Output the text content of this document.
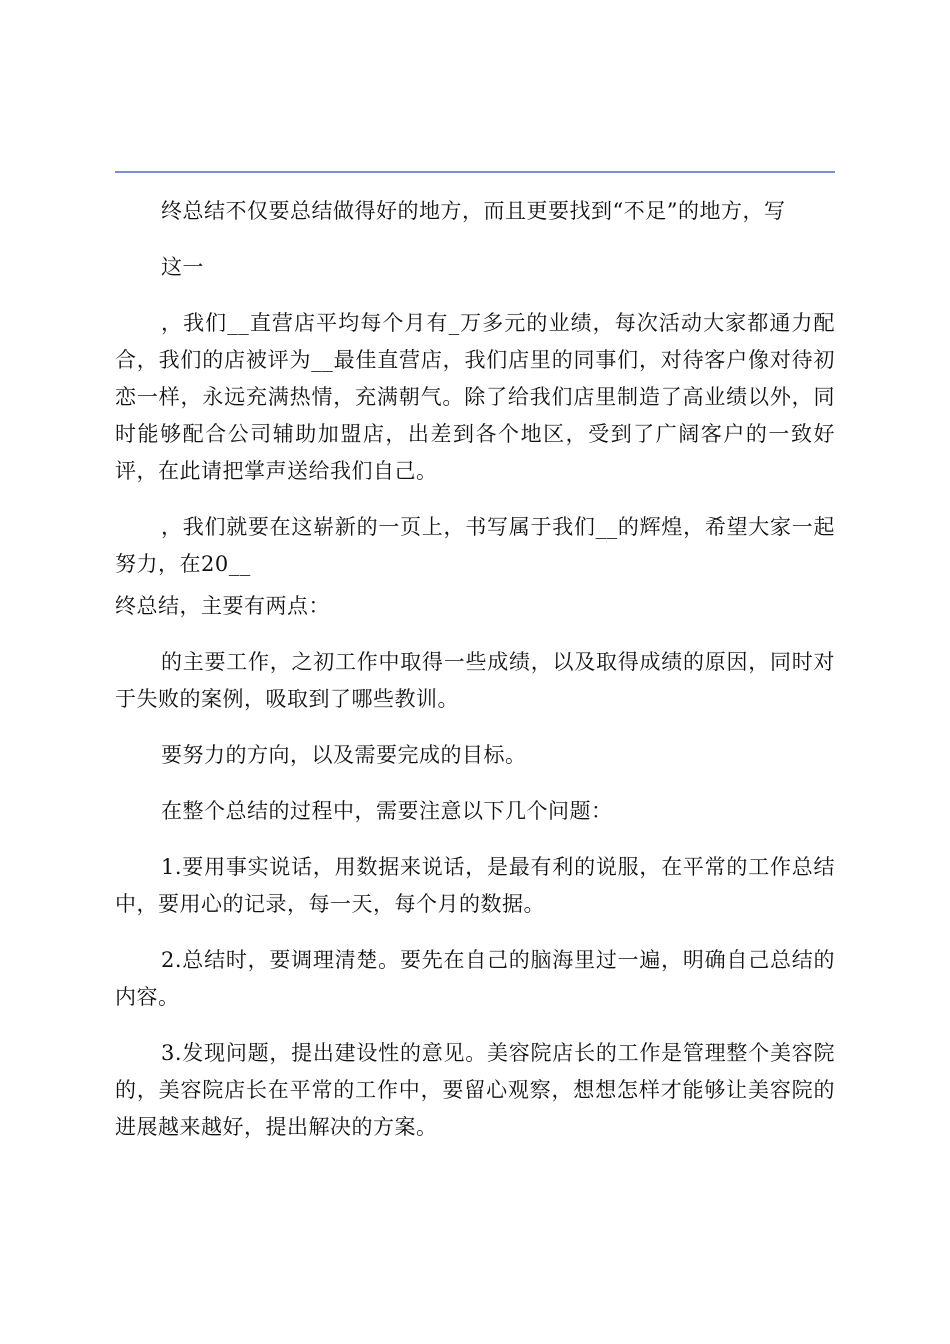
终总结不仅要总结做得好的地方，而且更要找到“不足”的地方，写

这一

，我们__直营店平均每个月有_万多元的业绩，每次活动大家都通力配合，我们的店被评为__最佳直营店，我们店里的同事们，对待客户像对待初恋一样，永远充满热情，充满朝气。除了给我们店里制造了高业绩以外，同时能够配合公司辅助加盟店，出差到各个地区，受到了广阔客户的一致好评，在此请把掌声送给我们自己。

，我们就要在这崭新的一页上，书写属于我们__的辉煌，希望大家一起努力，在20__

终总结，主要有两点：

的主要工作，之初工作中取得一些成绩，以及取得成绩的原因，同时对于失败的案例，吸取到了哪些教训。

要努力的方向，以及需要完成的目标。

在整个总结的过程中，需要注意以下几个问题：

1.要用事实说话，用数据来说话，是最有利的说服，在平常的工作总结中，要用心的记录，每一天，每个月的数据。

2.总结时，要调理清楚。要先在自己的脑海里过一遍，明确自己总结的内容。

3.发现问题，提出建设性的意见。美容院店长的工作是管理整个美容院的，美容院店长在平常的工作中，要留心观察，想想怎样才能够让美容院的进展越来越好，提出解决的方案。
